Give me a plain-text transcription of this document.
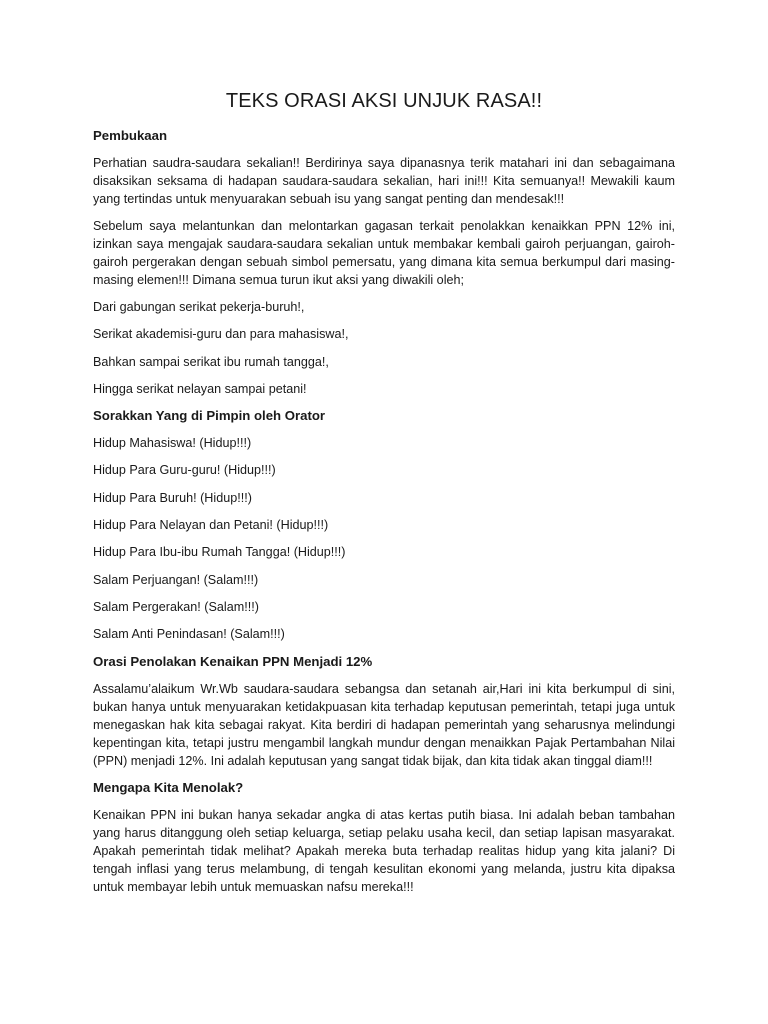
TEKS ORASI AKSI UNJUK RASA!!
Pembukaan

Perhatian saudra-saudara sekalian!! Berdirinya saya dipanasnya terik matahari ini dan sebagaimana disaksikan seksama di hadapan saudara-saudara sekalian, hari ini!!! Kita semuanya!! Mewakili kaum yang tertindas untuk menyuarakan sebuah isu yang sangat penting dan mendesak!!!

Sebelum saya melantunkan dan melontarkan gagasan terkait penolakkan kenaikkan PPN 12% ini, izinkan saya mengajak saudara-saudara sekalian untuk membakar kembali gairoh perjuangan, gairoh-gairoh pergerakan dengan sebuah simbol pemersatu, yang dimana kita semua berkumpul dari masing-masing elemen!!! Dimana semua turun ikut aksi yang diwakili oleh;

Dari gabungan serikat pekerja-buruh!,

Serikat akademisi-guru dan para mahasiswa!,

Bahkan sampai serikat ibu rumah tangga!,

Hingga serikat nelayan sampai petani!

Sorakkan Yang di Pimpin oleh Orator

Hidup Mahasiswa! (Hidup!!!)

Hidup Para Guru-guru! (Hidup!!!)

Hidup Para Buruh! (Hidup!!!)

Hidup Para Nelayan dan Petani! (Hidup!!!)

Hidup Para Ibu-ibu Rumah Tangga! (Hidup!!!)

Salam Perjuangan! (Salam!!!)

Salam Pergerakan! (Salam!!!)

Salam Anti Penindasan! (Salam!!!)

Orasi Penolakan Kenaikan PPN Menjadi 12%

Assalamu’alaikum Wr.Wb saudara-saudara sebangsa dan setanah air,Hari ini kita berkumpul di sini, bukan hanya untuk menyuarakan ketidakpuasan kita terhadap keputusan pemerintah, tetapi juga untuk menegaskan hak kita sebagai rakyat. Kita berdiri di hadapan pemerintah yang seharusnya melindungi kepentingan kita, tetapi justru mengambil langkah mundur dengan menaikkan Pajak Pertambahan Nilai (PPN) menjadi 12%. Ini adalah keputusan yang sangat tidak bijak, dan kita tidak akan tinggal diam!!!

Mengapa Kita Menolak?

Kenaikan PPN ini bukan hanya sekadar angka di atas kertas putih biasa. Ini adalah beban tambahan yang harus ditanggung oleh setiap keluarga, setiap pelaku usaha kecil, dan setiap lapisan masyarakat. Apakah pemerintah tidak melihat? Apakah mereka buta terhadap realitas hidup yang kita jalani? Di tengah inflasi yang terus melambung, di tengah kesulitan ekonomi yang melanda, justru kita dipaksa untuk membayar lebih untuk memuaskan nafsu mereka!!!
